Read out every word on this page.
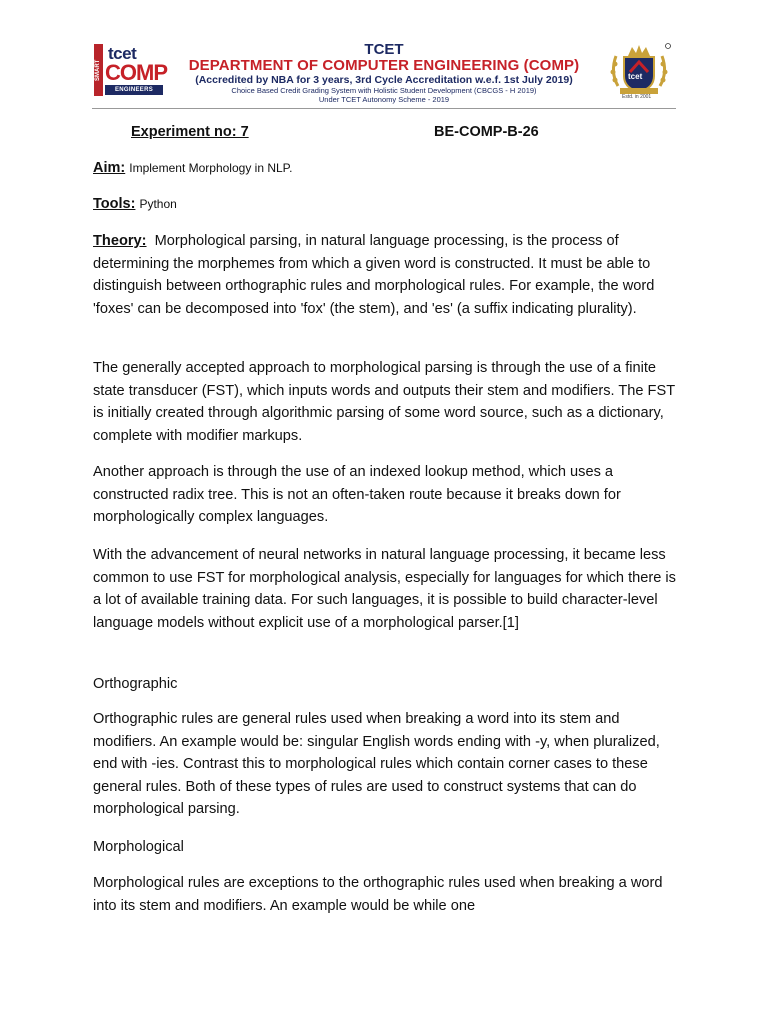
SMART
tcet
COMP
ENGINEERS
TCET
DEPARTMENT OF COMPUTER ENGINEERING (COMP)
(Accredited by NBA for 3 years, 3rd Cycle Accreditation w.e.f. 1st July 2019)
Choice Based Credit Grading System with Holistic Student Development (CBCGS - H 2019)
Under TCET Autonomy Scheme - 2019
tcet
Estd. in 2001
Experiment no: 7	BE-COMP-B-26
Aim: Implement Morphology in NLP.
Tools: Python

Theory: Morphological parsing, in natural language processing, is the process of determining the morphemes from which a given word is constructed. It must be able to distinguish between orthographic rules and morphological rules. For example, the word 'foxes' can be decomposed into 'fox' (the stem), and 'es' (a suffix indicating plurality).

The generally accepted approach to morphological parsing is through the use of a finite state transducer (FST), which inputs words and outputs their stem and modifiers. The FST is initially created through algorithmic parsing of some word source, such as a dictionary, complete with modifier markups.

Another approach is through the use of an indexed lookup method, which uses a constructed radix tree. This is not an often-taken route because it breaks down for morphologically complex languages.

With the advancement of neural networks in natural language processing, it became less common to use FST for morphological analysis, especially for languages for which there is a lot of available training data. For such languages, it is possible to build character-level language models without explicit use of a morphological parser.[1]

Orthographic

Orthographic rules are general rules used when breaking a word into its stem and modifiers. An example would be: singular English words ending with -y, when pluralized, end with -ies. Contrast this to morphological rules which contain corner cases to these general rules. Both of these types of rules are used to construct systems that can do morphological parsing.

Morphological

Morphological rules are exceptions to the orthographic rules used when breaking a word into its stem and modifiers. An example would be while one
